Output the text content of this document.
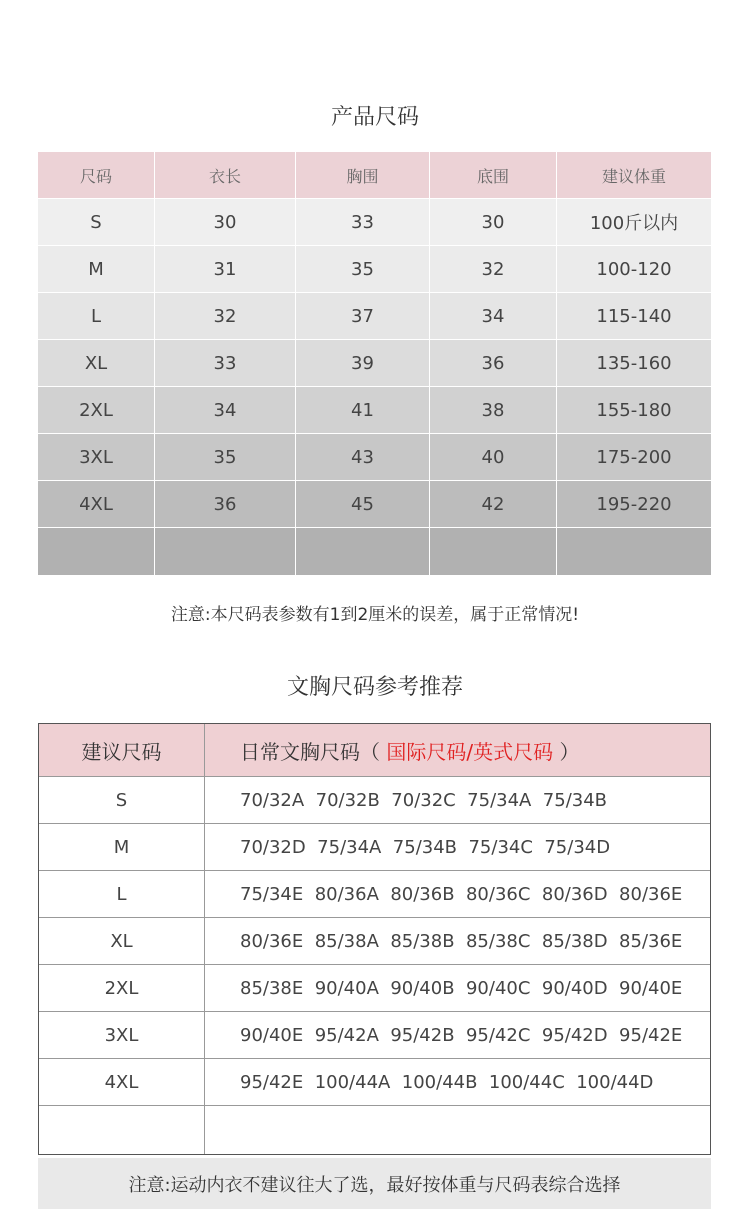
产品尺码
尺码	衣长	胸围	底围	建议体重
S	30	33	30	100斤以内
M	31	35	32	100-120
L	32	37	34	115-140
XL	33	39	36	135-160
2XL	34	41	38	155-180
3XL	35	43	40	175-200
4XL	36	45	42	195-220
注意:本尺码表参数有1到2厘米的误差，属于正常情况!
文胸尺码参考推荐
建议尺码	日常文胸尺码（ 国际尺码/英式尺码 ）
S	70/32A  70/32B  70/32C  75/34A  75/34B
M	70/32D  75/34A  75/34B  75/34C  75/34D
L	75/34E  80/36A  80/36B  80/36C  80/36D  80/36E
XL	80/36E  85/38A  85/38B  85/38C  85/38D  85/36E
2XL	85/38E  90/40A  90/40B  90/40C  90/40D  90/40E
3XL	90/40E  95/42A  95/42B  95/42C  95/42D  95/42E
4XL	95/42E  100/44A  100/44B  100/44C  100/44D
注意:运动内衣不建议往大了选，最好按体重与尺码表综合选择
